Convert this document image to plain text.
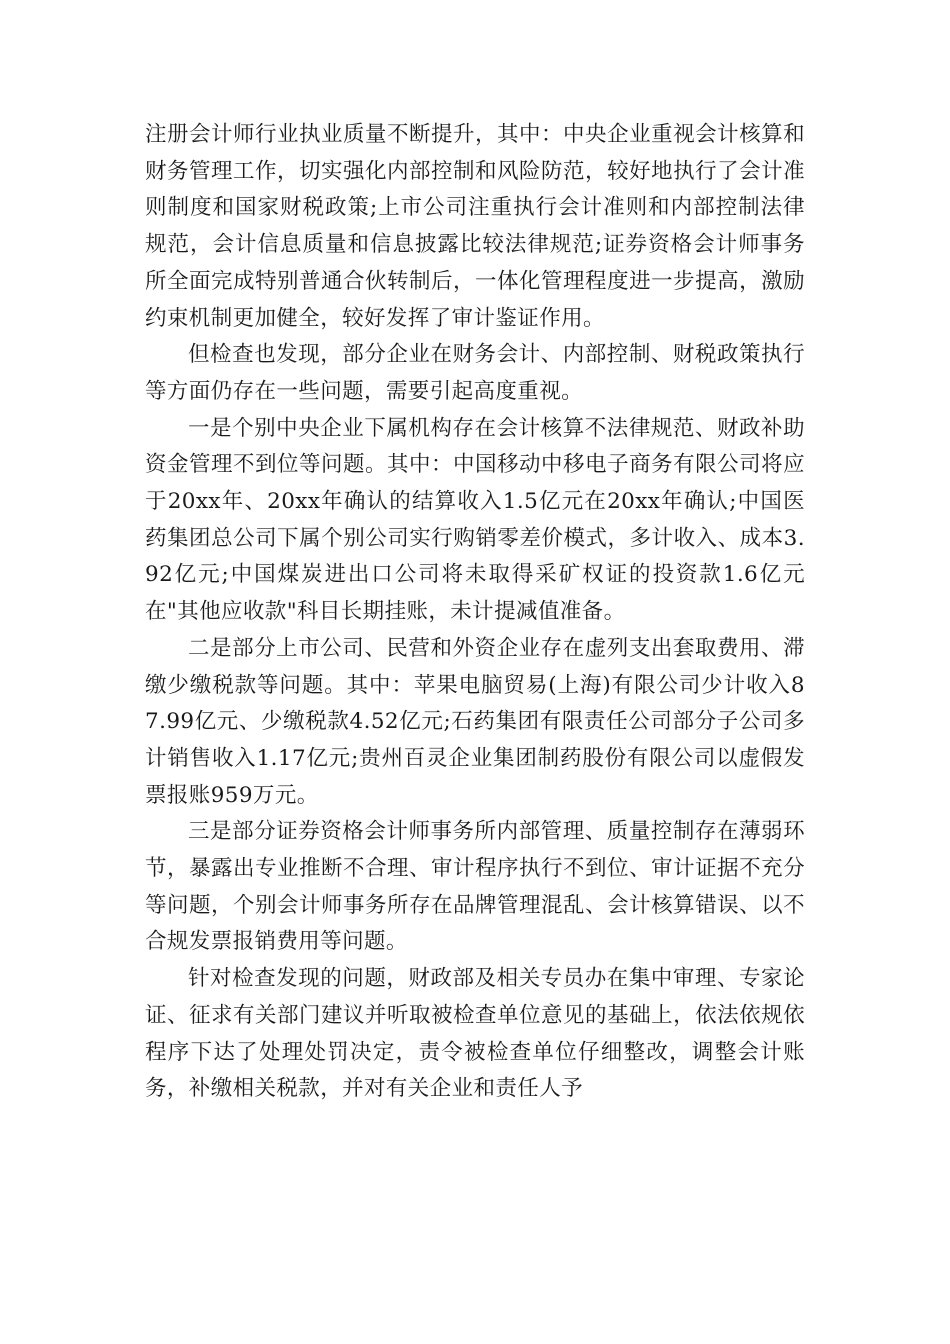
注册会计师行业执业质量不断提升，其中：中央企业重视会计核算和财务管理工作，切实强化内部控制和风险防范，较好地执行了会计准则制度和国家财税政策;上市公司注重执行会计准则和内部控制法律规范，会计信息质量和信息披露比较法律规范;证券资格会计师事务所全面完成特别普通合伙转制后，一体化管理程度进一步提高，激励约束机制更加健全，较好发挥了审计鉴证作用。

但检查也发现，部分企业在财务会计、内部控制、财税政策执行等方面仍存在一些问题，需要引起高度重视。

一是个别中央企业下属机构存在会计核算不法律规范、财政补助资金管理不到位等问题。其中：中国移动中移电子商务有限公司将应于20xx年、20xx年确认的结算收入1.5亿元在20xx年确认;中国医药集团总公司下属个别公司实行购销零差价模式，多计收入、成本3.92亿元;中国煤炭进出口公司将未取得采矿权证的投资款1.6亿元在"其他应收款"科目长期挂账，未计提减值准备。

二是部分上市公司、民营和外资企业存在虚列支出套取费用、滞缴少缴税款等问题。其中：苹果电脑贸易(上海)有限公司少计收入87.99亿元、少缴税款4.52亿元;石药集团有限责任公司部分子公司多计销售收入1.17亿元;贵州百灵企业集团制药股份有限公司以虚假发票报账959万元。

三是部分证券资格会计师事务所内部管理、质量控制存在薄弱环节，暴露出专业推断不合理、审计程序执行不到位、审计证据不充分等问题，个别会计师事务所存在品牌管理混乱、会计核算错误、以不合规发票报销费用等问题。

针对检查发现的问题，财政部及相关专员办在集中审理、专家论证、征求有关部门建议并听取被检查单位意见的基础上，依法依规依程序下达了处理处罚决定，责令被检查单位仔细整改，调整会计账务，补缴相关税款，并对有关企业和责任人予
